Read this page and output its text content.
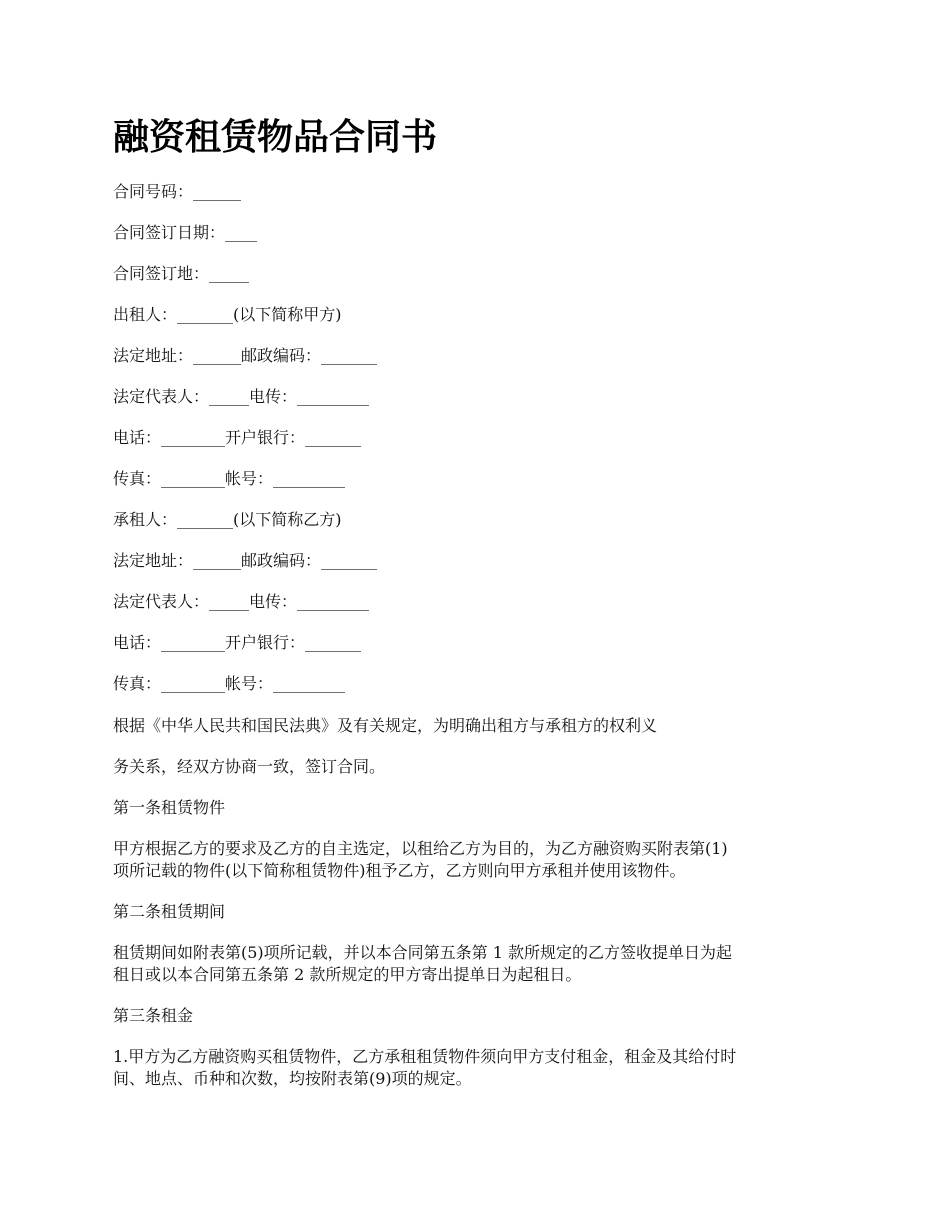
融资租赁物品合同书

合同号码：______

合同签订日期：____

合同签订地：_____

出租人：_______(以下简称甲方)

法定地址：______邮政编码：_______

法定代表人：_____电传：_________

电话：________开户银行：_______

传真：________帐号：_________

承租人：_______(以下简称乙方)

法定地址：______邮政编码：_______

法定代表人：_____电传：_________

电话：________开户银行：_______

传真：________帐号：_________

根据《中华人民共和国民法典》及有关规定，为明确出租方与承租方的权利义

务关系，经双方协商一致，签订合同。

第一条租赁物件

甲方根据乙方的要求及乙方的自主选定，以租给乙方为目的，为乙方融资购买附表第(1)

项所记载的物件(以下简称租赁物件)租予乙方，乙方则向甲方承租并使用该物件。

第二条租赁期间

租赁期间如附表第(5)项所记载，并以本合同第五条第 1 款所规定的乙方签收提单日为起

租日或以本合同第五条第 2 款所规定的甲方寄出提单日为起租日。

第三条租金

1.甲方为乙方融资购买租赁物件，乙方承租租赁物件须向甲方支付租金，租金及其给付时

间、地点、币种和次数，均按附表第(9)项的规定。
